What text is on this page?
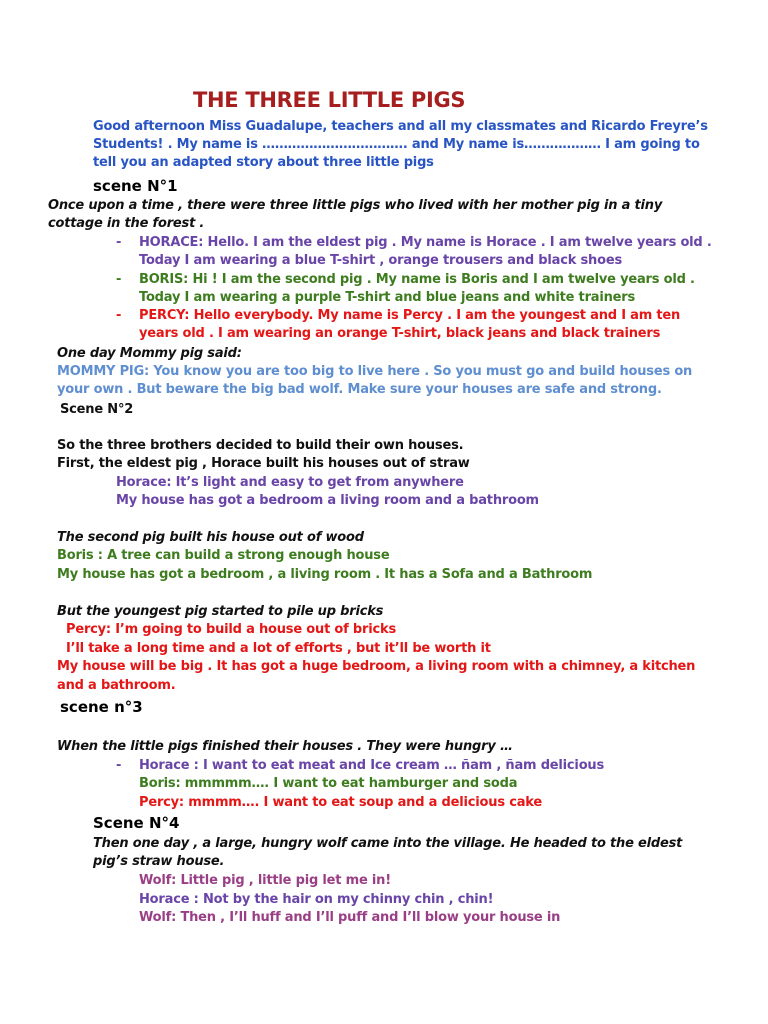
THE THREE LITTLE PIGS
Good afternoon Miss Guadalupe, teachers and all my classmates and Ricardo Freyre’s
Students! . My name is ……………………………. and My name is……………… I am going to
tell you an adapted story about three little pigs
scene N°1
Once upon a time , there were three little pigs who lived with her mother pig in a tiny
cottage in the forest .
- HORACE: Hello. I am the eldest pig . My name is Horace . I am twelve years old .
Today I am wearing a blue T-shirt , orange trousers and black shoes
- BORIS: Hi ! I am the second pig . My name is Boris and I am twelve years old .
Today I am wearing a purple T-shirt and blue jeans and white trainers
- PERCY: Hello everybody. My name is Percy . I am the youngest and I am ten
years old . I am wearing an orange T-shirt, black jeans and black trainers
One day Mommy pig said:
MOMMY PIG: You know you are too big to live here . So you must go and build houses on
your own . But beware the big bad wolf. Make sure your houses are safe and strong.
Scene N°2
So the three brothers decided to build their own houses.
First, the eldest pig , Horace built his houses out of straw
Horace: It’s light and easy to get from anywhere
My house has got a bedroom a living room and a bathroom
The second pig built his house out of wood
Boris : A tree can build a strong enough house
My house has got a bedroom , a living room . It has a Sofa and a Bathroom
But the youngest pig started to pile up bricks
Percy: I’m going to build a house out of bricks
I’ll take a long time and a lot of efforts , but it’ll be worth it
My house will be big . It has got a huge bedroom, a living room with a chimney, a kitchen
and a bathroom.
scene n°3
When the little pigs finished their houses . They were hungry …
- Horace : I want to eat meat and Ice cream … ñam , ñam delicious
Boris: mmmmm…. I want to eat hamburger and soda
Percy: mmmm…. I want to eat soup and a delicious cake
Scene N°4
Then one day , a large, hungry wolf came into the village. He headed to the eldest
pig’s straw house.
Wolf: Little pig , little pig let me in!
Horace : Not by the hair on my chinny chin , chin!
Wolf: Then , I’ll huff and I’ll puff and I’ll blow your house in
